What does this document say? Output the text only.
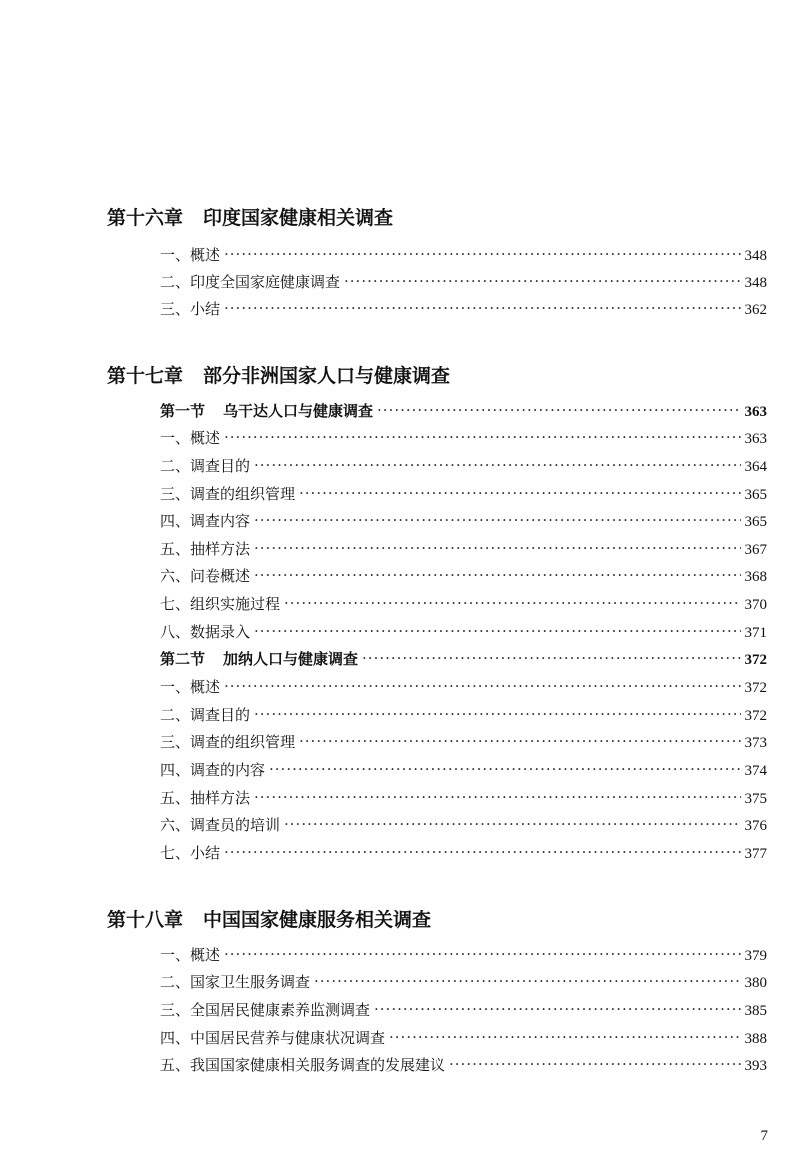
第十六章 印度国家健康相关调查
一、概述 ·····	348
二、印度全国家庭健康调查 ·····	348
三、小结 ·····	362
第十七章 部分非洲国家人口与健康调查
第一节 乌干达人口与健康调查 ·····	363
一、概述 ·····	363
二、调查目的 ·····	364
三、调查的组织管理 ·····	365
四、调查内容 ·····	365
五、抽样方法 ·····	367
六、问卷概述 ·····	368
七、组织实施过程 ·····	370
八、数据录入 ·····	371
第二节 加纳人口与健康调查 ·····	372
一、概述 ·····	372
二、调查目的 ·····	372
三、调查的组织管理 ·····	373
四、调查的内容 ·····	374
五、抽样方法 ·····	375
六、调查员的培训 ·····	376
七、小结 ·····	377
第十八章 中国国家健康服务相关调查
一、概述 ·····	379
二、国家卫生服务调查 ·····	380
三、全国居民健康素养监测调查 ·····	385
四、中国居民营养与健康状况调查 ·····	388
五、我国国家健康相关服务调查的发展建议 ·····	393
7
